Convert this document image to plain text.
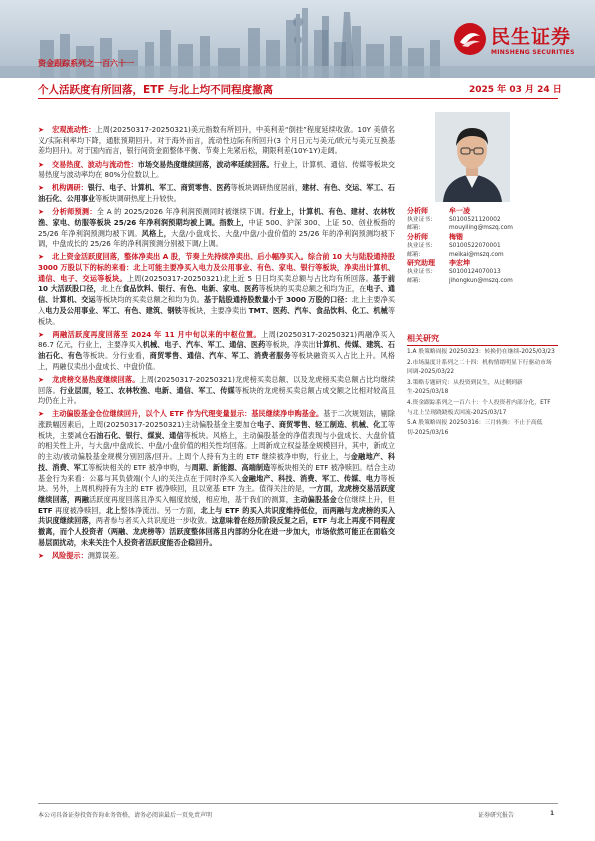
民生证券
MINSHENG SECURITIES
资金跟踪系列之一百六十一
个人活跃度有所回落，ETF 与北上均不同程度撤离	2025 年 03 月 24 日
➤ 宏观流动性：上周(20250317-20250321)美元指数有所回升，中美利差“倒挂”程度延续收敛。10Y 美债名义/实际利率均下降，通胀预期回升。对于海外而言，流动性边际有所回升(3 个月日元与美元/欧元与美元互换基差均回升)。对于国内而言，银行间资金面整体平衡、节奏上先紧后松，期限利差(10Y-1Y)走阔。
➤ 交易热度、波动与流动性：市场交易热度继续回落，波动率延续回落。行业上，计算机、通信、传媒等板块交易热度与波动率均在 80%分位数以上。
➤ 机构调研：银行、电子、计算机、军工、商贸零售、医药等板块调研热度居前，建材、有色、交运、军工、石油石化、公用事业等板块调研热度上升较快。
➤ 分析师预测：全 A 的 2025/2026 年净利润预测同时被继续下调。行业上，计算机、有色、建材、农林牧渔、家电、纺服等板块 25/26 年净利润预期均被上调。指数上，中证 500、沪深 300、上证 50、创业板指的 25/26 年净利润预测均被下调。风格上，大盘/小盘成长、大盘/中盘/小盘价值的 25/26 年的净利润预测均被下调，中盘成长的 25/26 年的净利润预测分别被下调/上调。
➤ 北上资金活跃度回落，整体净卖出 A 股，节奏上先持续净卖出、后小幅净买入。综合前 10 大与陆股通持股 3000 万股以下的标的来看：北上可能主要净买入电力及公用事业、有色、家电、银行等板块，净卖出计算机、通信、电子、交运等板块。上周(20250317-20250321)北上近 5 日日均买卖总额与占比均有所回落。基于前 10 大活跃股口径，北上在食品饮料、银行、有色、电新、家电、医药等板块的买卖总额之和均为正，在电子、通信、计算机、交运等板块均的买卖总额之和均为负。基于陆股通持股数量小于 3000 万股的口径：北上主要净买入电力及公用事业、军工、有色、建筑、钢铁等板块，主要净卖出 TMT、医药、汽车、食品饮料、化工、机械等板块。
➤ 两融活跃度再度回落至 2024 年 11 月中旬以来的中枢位置。上周(20250317-20250321)两融净买入 86.7 亿元，行业上，主要净买入机械、电子、汽车、军工、通信、医药等板块，净卖出计算机、传媒、建筑、石油石化、有色等板块。分行业看，商贸零售、通信、汽车、军工、消费者服务等板块融资买入占比上升。风格上，两融仅卖出小盘成长、中盘价值。
➤ 龙虎榜交易热度继续回落。上周(20250317-20250321)龙虎榜买卖总额、以及龙虎榜买卖总额占比均继续回落。行业层面，轻工、农林牧渔、电新、通信、军工、传媒等板块的龙虎榜买卖总额占成交额之比相对较高且均仍在上升。
➤ 主动偏股基金仓位继续回升，以个人 ETF 作为代理变量显示：基民继续净申购基金。基于二次规划法，剔除涨跌幅因素后，上周(20250317-20250321)主动偏股基金主要加仓电子、商贸零售、轻工制造、机械、化工等板块，主要减仓石油石化、银行、煤炭、通信等板块。风格上，主动偏股基金的净值表现与小盘成长、大盘价值的相关性上升，与大盘/中盘成长、中盘/小盘价值的相关性均回落。上周新成立权益基金规模回升，其中，新成立的主动/被动偏股基金规模分别回落/回升。上周个人持有为主的 ETF 继续被净申购，行业上，与金融地产、科技、消费、军工等板块相关的 ETF 被净申购，与周期、新能源、高端制造等板块相关的 ETF 被净赎回。结合主动基金行为来看：公募与其负债端(个人)的关注点在于同时净买入金融地产、科技、消费、军工、传媒、电力等板块。另外，上周机构持有为主的 ETF 被净赎回，且以宽基 ETF 为主。值得关注的是，一方面，龙虎榜交易活跃度继续回落，两融活跃度再度回落且净买入幅度放缓，相应地，基于我们的测算，主动偏股基金仓位继续上升，但 ETF 再度被净赎回，北上整体净流出。另一方面，北上与 ETF 的买入共识度维持低位，而两融与龙虎榜的买入共识度继续回落，两者参与者买入共识度进一步收敛。这意味着在经历阶段反复之后，ETF 与北上再度不同程度撤离，而个人投资者（两融、龙虎榜等）活跃度整体回落且内部的分化在进一步加大，市场依然可能正在面临交易层面扰动，未来关注个人投资者活跃度能否企稳回升。
➤ 风险提示：测算误差。
分析师	牟一凌
执业证书:	S0100521120002
邮箱:	mouyiling@mszq.com
分析师	梅锴
执业证书:	S0100522070001
邮箱:	meikai@mszq.com
研究助理 李宏坤
执业证书:	S0100124070013
邮箱:	jihongkun@mszq.com
相关研究
1.A 股策略周报 20250323：转换仍在继续-2025/03/23
2.市场温度计系列之二十四：机构情绪明显下行驱动市场回调-2025/03/22
3.策略专题研究：从投资到民生，从过剩到新生-2025/03/18
4.资金跟踪系列之一百六十：个人投资者内部分化，ETF 与北上呈现跷跷板式回流-2025/03/17
5.A 股策略周报 20250316：三月转换：不止于高低切-2025/03/16
本公司具备证券投资咨询业务资格，请务必阅读最后一页免责声明	证券研究报告	1
